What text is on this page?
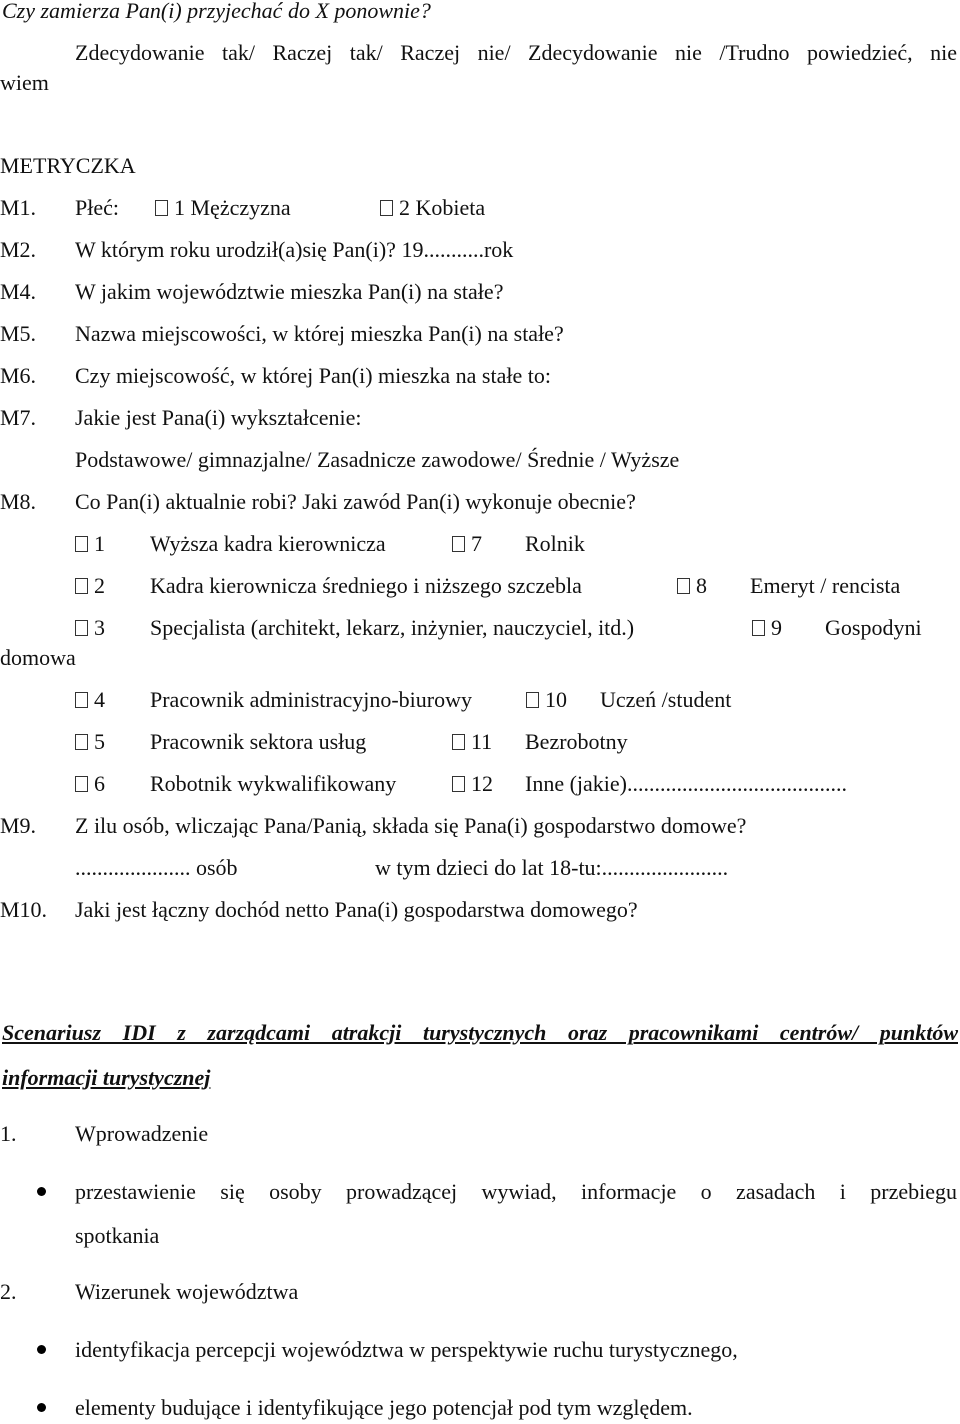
Czy zamierza Pan(i) przyjechać do X ponownie?
Zdecydowanie tak/ Raczej tak/ Raczej nie/ Zdecydowanie nie /Trudno powiedzieć, nie
wiem
METRYCZKA
M1. Płeć:	1 Mężczyzna	2 Kobieta
M2. W którym roku urodził(a)się Pan(i)? 19...........rok
M4. W jakim województwie mieszka Pan(i) na stałe?
M5. Nazwa miejscowości, w której mieszka Pan(i) na stałe?
M6. Czy miejscowość, w której Pan(i) mieszka na stałe to:
M7. Jakie jest Pana(i) wykształcenie:
Podstawowe/ gimnazjalne/ Zasadnicze zawodowe/ Średnie / Wyższe
M8. Co Pan(i) aktualnie robi? Jaki zawód Pan(i) wykonuje obecnie?
1 Wyższa kadra kierownicza	7 Rolnik
2 Kadra kierownicza średniego i niższego szczebla	8 Emeryt / rencista
3 Specjalista (architekt, lekarz, inżynier, nauczyciel, itd.)	9 Gospodyni
domowa
4 Pracownik administracyjno-biurowy	10 Uczeń /student
5 Pracownik sektora usług	11 Bezrobotny
6 Robotnik wykwalifikowany	12 Inne (jakie)........................................
M9. Z ilu osób, wliczając Pana/Panią, składa się Pana(i) gospodarstwo domowe?
..................... osób	w tym dzieci do lat 18-tu:.......................
M10. Jaki jest łączny dochód netto Pana(i) gospodarstwa domowego?
Scenariusz IDI z zarządcami atrakcji turystycznych oraz pracownikami centrów/ punktów
informacji turystycznej
1.	Wprowadzenie
przestawienie się osoby prowadzącej wywiad, informacje o zasadach i przebiegu
spotkania
2.	Wizerunek województwa
identyfikacja percepcji województwa w perspektywie ruchu turystycznego,
elementy budujące i identyfikujące jego potencjał pod tym względem.
